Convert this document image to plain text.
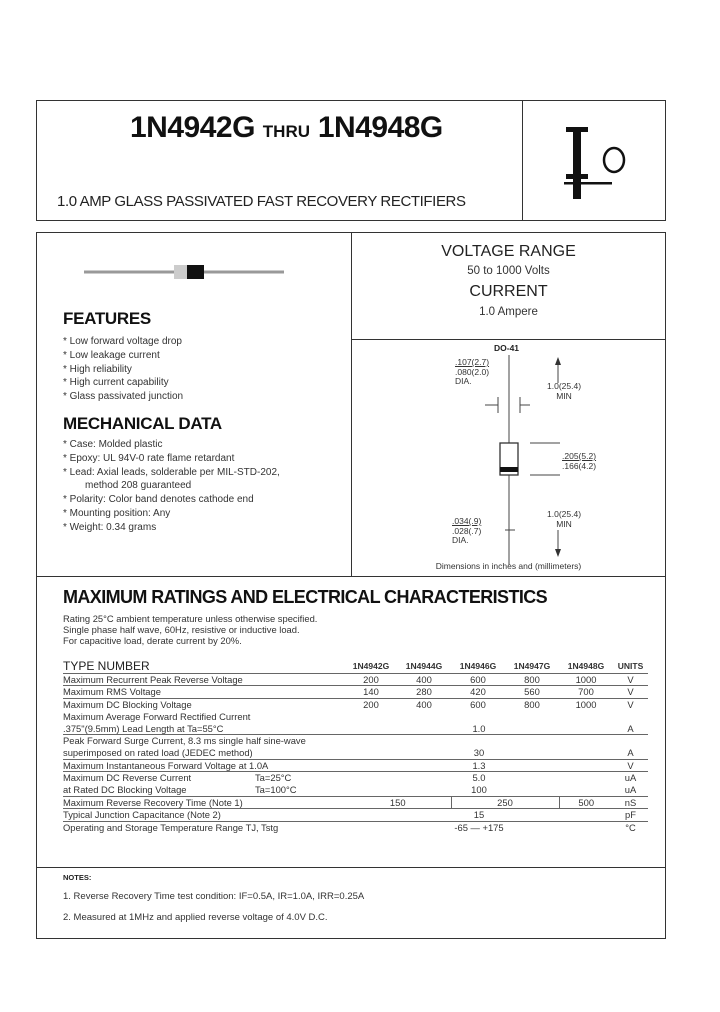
1N4942G THRU 1N4948G
1.0 AMP GLASS PASSIVATED FAST RECOVERY RECTIFIERS
FEATURES
* Low forward voltage drop
* Low leakage current
* High reliability
* High current capability
* Glass passivated junction
MECHANICAL DATA
* Case: Molded plastic
* Epoxy: UL 94V-0 rate flame retardant
* Lead: Axial leads, solderable per MIL-STD-202,
method 208 guaranteed
* Polarity: Color band denotes cathode end
* Mounting position: Any
* Weight: 0.34 grams
VOLTAGE RANGE
50 to 1000 Volts
CURRENT
1.0 Ampere
DO-41
.107(2.7)
.080(2.0)
DIA.	1.0(25.4)
MIN
.205(5.2)
.166(4.2)
1.0(25.4)
MIN
.034(.9)
.028(.7)
DIA.
Dimensions in inches and (millimeters)
MAXIMUM RATINGS AND ELECTRICAL CHARACTERISTICS
Rating 25°C ambient temperature unless otherwise specified.
Single phase half wave, 60Hz, resistive or inductive load.
For capacitive load, derate current by 20%.
TYPE NUMBER
		1N4942G	1N4944G	1N4946G	1N4947G	1N4948G	UNITS
Maximum Recurrent Peak Reverse Voltage	200	400	600	800	1000	V
Maximum RMS Voltage	140	280	420	560	700	V
Maximum DC Blocking Voltage	200	400	600	800	1000	V
Maximum Average Forward Rectified Current						
.375"(9.5mm) Lead Length at Ta=55°C	1.0					A
Peak Forward Surge Current, 8.3 ms single half sine-wave						
superimposed on rated load (JEDEC method)	30					A
Maximum Instantaneous Forward Voltage at 1.0A	1.3					V
Maximum DC Reverse Current Ta=25°C	5.0					uA
at Rated DC Blocking Voltage Ta=100°C	100					uA
Maximum Reverse Recovery Time (Note 1)	150		250		500	nS
Typical Junction Capacitance (Note 2)	15					pF
Operating and Storage Temperature Range TJ, Tstg	-65 — +175					°C
NOTES:
1. Reverse Recovery Time test condition: IF=0.5A, IR=1.0A, IRR=0.25A
2. Measured at 1MHz and applied reverse voltage of 4.0V D.C.
